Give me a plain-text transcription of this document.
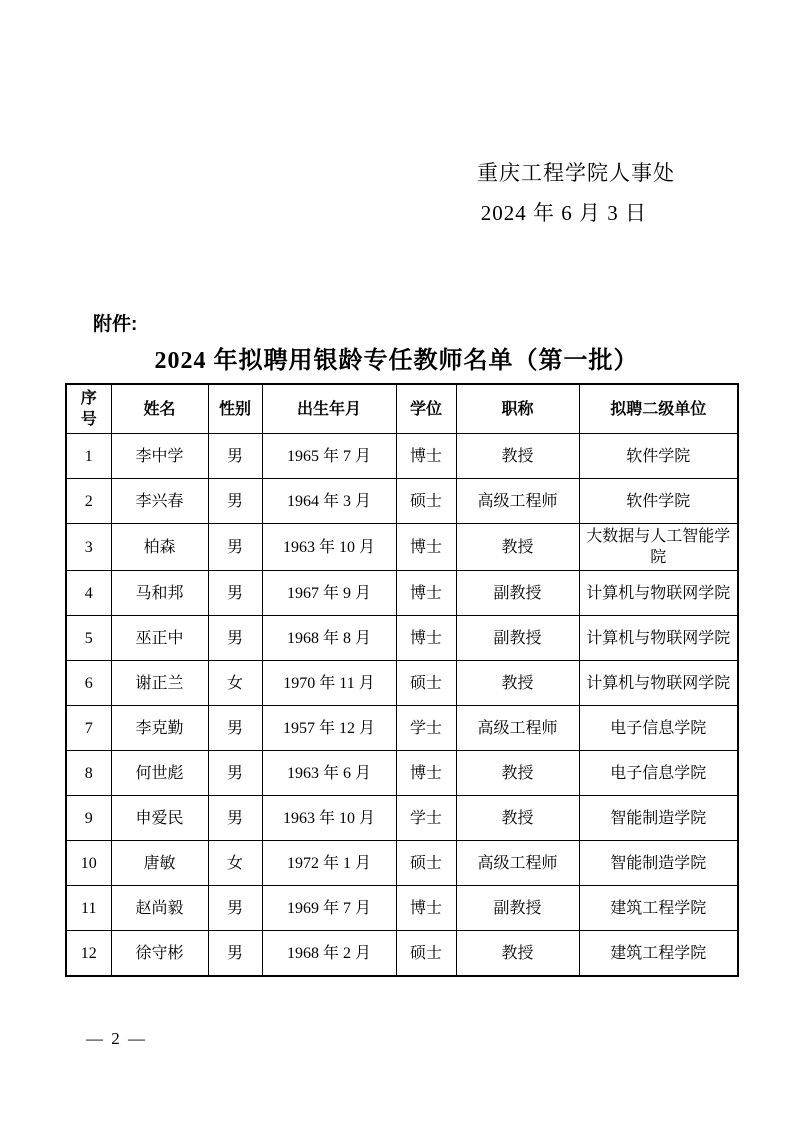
重庆工程学院人事处
2024 年 6 月 3 日
附件:
2024 年拟聘用银龄专任教师名单（第一批）
序号	姓名	性别	出生年月	学位	职称	拟聘二级单位
1	李中学	男	1965 年 7 月	博士	教授	软件学院
2	李兴春	男	1964 年 3 月	硕士	高级工程师	软件学院
3	柏森	男	1963 年 10 月	博士	教授	大数据与人工智能学院
4	马和邦	男	1967 年 9 月	博士	副教授	计算机与物联网学院
5	巫正中	男	1968 年 8 月	博士	副教授	计算机与物联网学院
6	谢正兰	女	1970 年 11 月	硕士	教授	计算机与物联网学院
7	李克勤	男	1957 年 12 月	学士	高级工程师	电子信息学院
8	何世彪	男	1963 年 6 月	博士	教授	电子信息学院
9	申爱民	男	1963 年 10 月	学士	教授	智能制造学院
10	唐敏	女	1972 年 1 月	硕士	高级工程师	智能制造学院
11	赵尚毅	男	1969 年 7 月	博士	副教授	建筑工程学院
12	徐守彬	男	1968 年 2 月	硕士	教授	建筑工程学院
— 2 —
